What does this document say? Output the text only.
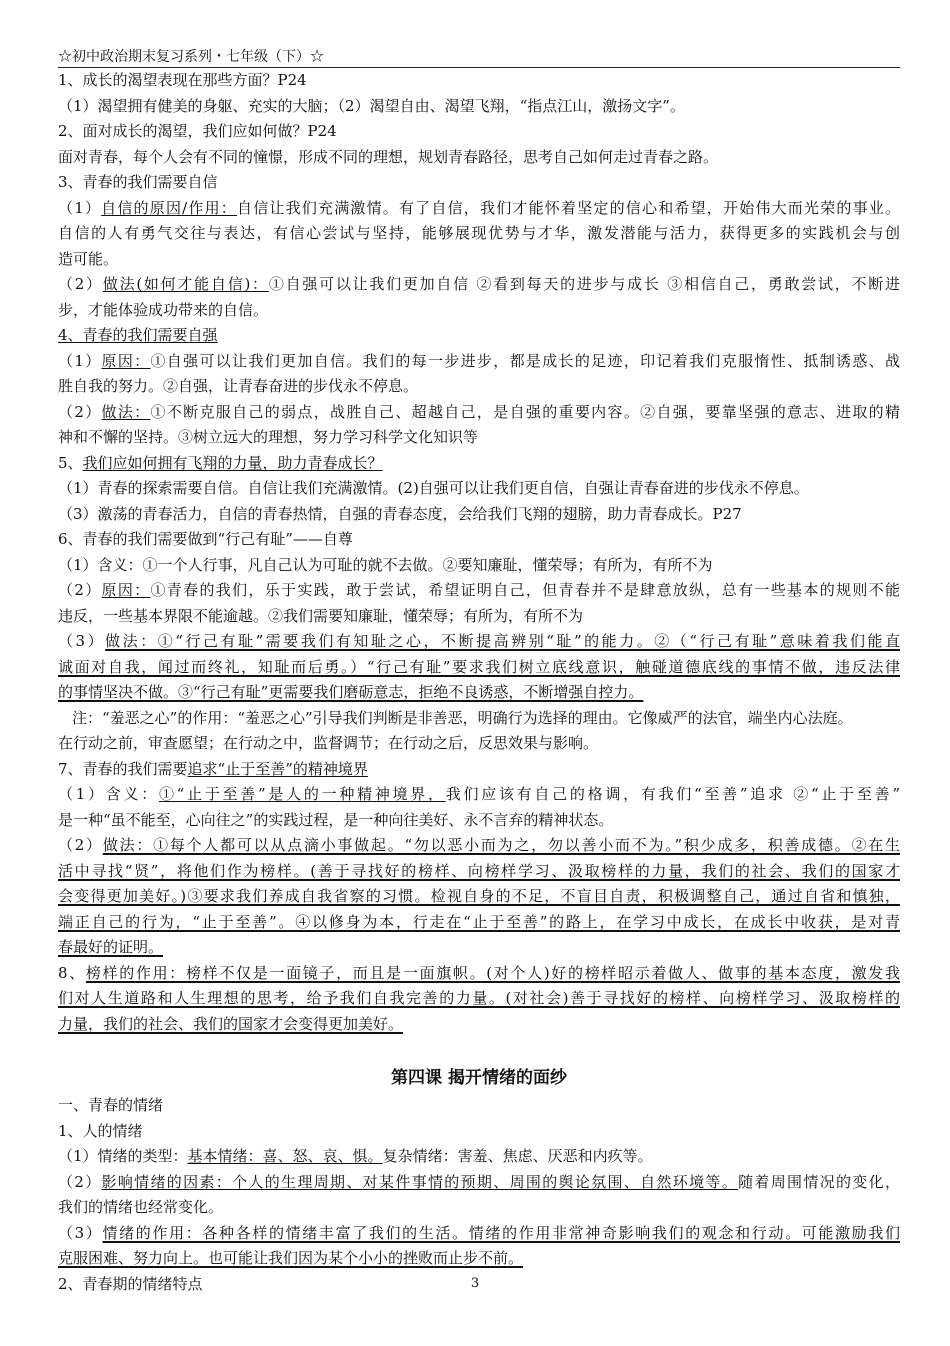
☆初中政治期末复习系列・七年级（下）☆
1、成长的渴望表现在那些方面？P24
（1）渴望拥有健美的身躯、充实的大脑；（2）渴望自由、渴望飞翔，“指点江山，激扬文字”。
2、面对成长的渴望，我们应如何做？P24
面对青春，每个人会有不同的憧憬，形成不同的理想，规划青春路径，思考自己如何走过青春之路。
3、青春的我们需要自信
（1）自信的原因/作用：自信让我们充满激情。有了自信，我们才能怀着坚定的信心和希望，开始伟大而光荣的事业。
自信的人有勇气交往与表达，有信心尝试与坚持，能够展现优势与才华，激发潜能与活力，获得更多的实践机会与创
造可能。
（2）做法(如何才能自信)：①自强可以让我们更加自信 ②看到每天的进步与成长 ③相信自己，勇敢尝试，不断进
步，才能体验成功带来的自信。
4、青春的我们需要自强
（1）原因：①自强可以让我们更加自信。我们的每一步进步，都是成长的足迹，印记着我们克服惰性、抵制诱惑、战
胜自我的努力。②自强，让青春奋进的步伐永不停息。
（2）做法：①不断克服自己的弱点，战胜自己、超越自己，是自强的重要内容。②自强，要靠坚强的意志、进取的精
神和不懈的坚持。③树立远大的理想，努力学习科学文化知识等
5、我们应如何拥有飞翔的力量，助力青春成长？
（1）青春的探索需要自信。自信让我们充满激情。(2)自强可以让我们更自信，自强让青春奋进的步伐永不停息。
（3）激荡的青春活力，自信的青春热情，自强的青春态度，会给我们飞翔的翅膀，助力青春成长。P27
6、青春的我们需要做到“行己有耻”——自尊
（1）含义：①一个人行事，凡自己认为可耻的就不去做。②要知廉耻，懂荣辱；有所为，有所不为
（2）原因：①青春的我们，乐于实践，敢于尝试，希望证明自己，但青春并不是肆意放纵，总有一些基本的规则不能
违反，一些基本界限不能逾越。②我们需要知廉耻，懂荣辱；有所为，有所不为
（3）做法：①“行己有耻”需要我们有知耻之心，不断提高辨别“耻”的能力。②（“行己有耻”意味着我们能直
诚面对自我，闻过而终礼，知耻而后勇。）“行己有耻”要求我们树立底线意识，触碰道德底线的事情不做，违反法律
的事情坚决不做。③“行己有耻”更需要我们磨砺意志，拒绝不良诱惑，不断增强自控力。
注：“羞恶之心”的作用：“羞恶之心”引导我们判断是非善恶，明确行为选择的理由。它像威严的法官，端坐内心法庭。
在行动之前，审查愿望；在行动之中，监督调节；在行动之后，反思效果与影响。
7、青春的我们需要追求“止于至善”的精神境界
（1）含义：①“止于至善”是人的一种精神境界，我们应该有自己的格调，有我们“至善”追求 ②“止于至善”
是一种“虽不能至，心向往之”的实践过程，是一种向往美好、永不言弃的精神状态。
（2）做法：①每个人都可以从点滴小事做起。“勿以恶小而为之，勿以善小而不为。”积少成多，积善成德。②在生
活中寻找“贤”，将他们作为榜样。(善于寻找好的榜样、向榜样学习、汲取榜样的力量，我们的社会、我们的国家才
会变得更加美好。)③要求我们养成自我省察的习惯。检视自身的不足，不盲目自责，积极调整自己，通过自省和慎独，
端正自己的行为，“止于至善”。④以修身为本，行走在“止于至善”的路上，在学习中成长，在成长中收获，是对青
春最好的证明。
8、榜样的作用：榜样不仅是一面镜子，而且是一面旗帜。(对个人)好的榜样昭示着做人、做事的基本态度，激发我
们对人生道路和人生理想的思考，给予我们自我完善的力量。(对社会)善于寻找好的榜样、向榜样学习、汲取榜样的
力量，我们的社会、我们的国家才会变得更加美好。
第四课 揭开情绪的面纱
一、青春的情绪
1、人的情绪
（1）情绪的类型：基本情绪：喜、怒、哀、惧。复杂情绪：害羞、焦虑、厌恶和内疚等。
（2）影响情绪的因素：个人的生理周期、对某件事情的预期、周围的舆论氛围、自然环境等。随着周围情况的变化，
我们的情绪也经常变化。
（3）情绪的作用：各种各样的情绪丰富了我们的生活。情绪的作用非常神奇影响我们的观念和行动。可能激励我们
克服困难、努力向上。也可能让我们因为某个小小的挫败而止步不前。
2、青春期的情绪特点	3
